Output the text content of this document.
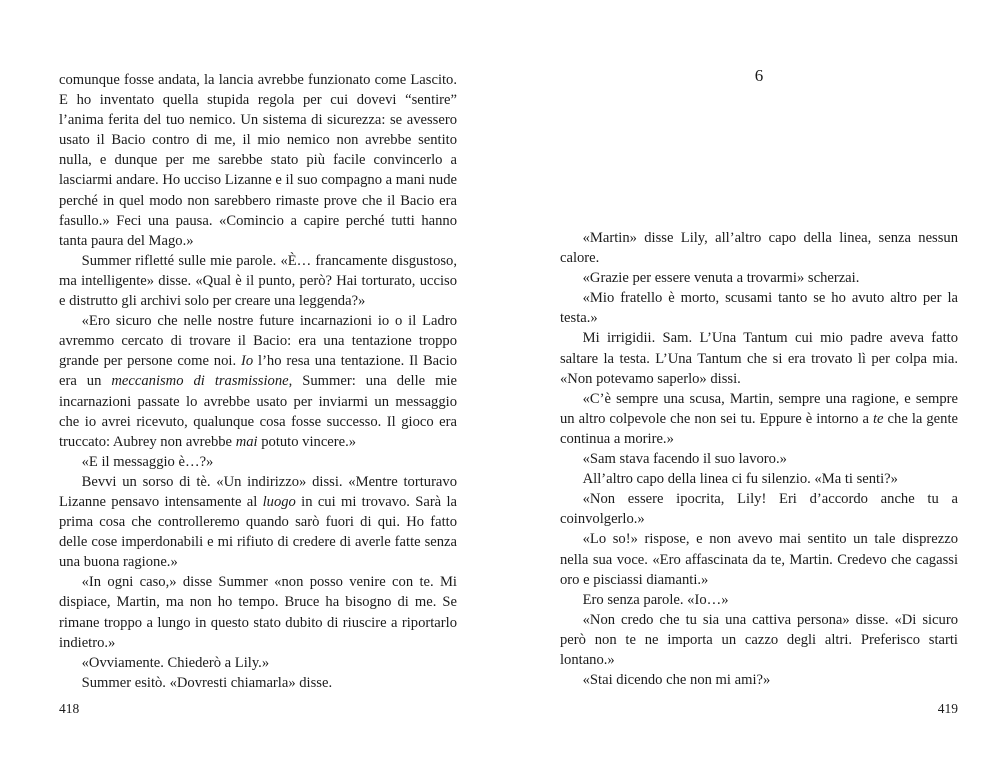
comunque fosse andata, la lancia avrebbe funzionato come Lascito. E ho inventato quella stupida regola per cui dovevi “sentire” l’anima ferita del tuo nemico. Un sistema di sicurezza: se avessero usato il Bacio contro di me, il mio nemico non avrebbe sentito nulla, e dunque per me sarebbe stato più facile convincerlo a lasciarmi andare. Ho ucciso Lizanne e il suo compagno a mani nude perché in quel modo non sarebbero rimaste prove che il Bacio era fasullo.» Feci una pausa. «Comincio a capire perché tutti hanno tanta paura del Mago.»

Summer rifletté sulle mie parole. «È… francamente disgustoso, ma intelligente» disse. «Qual è il punto, però? Hai torturato, ucciso e distrutto gli archivi solo per creare una leggenda?»

«Ero sicuro che nelle nostre future incarnazioni io o il Ladro avremmo cercato di trovare il Bacio: era una tentazione troppo grande per persone come noi. Io l’ho resa una tentazione. Il Bacio era un meccanismo di trasmissione, Summer: una delle mie incarnazioni passate lo avrebbe usato per inviarmi un messaggio che io avrei ricevuto, qualunque cosa fosse successo. Il gioco era truccato: Aubrey non avrebbe mai potuto vincere.»

«E il messaggio è…?»

Bevvi un sorso di tè. «Un indirizzo» dissi. «Mentre torturavo Lizanne pensavo intensamente al luogo in cui mi trovavo. Sarà la prima cosa che controlleremo quando sarò fuori di qui. Ho fatto delle cose imperdonabili e mi rifiuto di credere di averle fatte senza una buona ragione.»

«In ogni caso,» disse Summer «non posso venire con te. Mi dispiace, Martin, ma non ho tempo. Bruce ha bisogno di me. Se rimane troppo a lungo in questo stato dubito di riuscire a riportarlo indietro.»

«Ovviamente. Chiederò a Lily.»

Summer esitò. «Dovresti chiamarla» disse.

418
6

«Martin» disse Lily, all’altro capo della linea, senza nessun calore.

«Grazie per essere venuta a trovarmi» scherzai.

«Mio fratello è morto, scusami tanto se ho avuto altro per la testa.»

Mi irrigidii. Sam. L’Una Tantum cui mio padre aveva fatto saltare la testa. L’Una Tantum che si era trovato lì per colpa mia. «Non potevamo saperlo» dissi.

«C’è sempre una scusa, Martin, sempre una ragione, e sempre un altro colpevole che non sei tu. Eppure è intorno a te che la gente continua a morire.»

«Sam stava facendo il suo lavoro.»

All’altro capo della linea ci fu silenzio. «Ma ti senti?»

«Non essere ipocrita, Lily! Eri d’accordo anche tu a coinvolgerlo.»

«Lo so!» rispose, e non avevo mai sentito un tale disprezzo nella sua voce. «Ero affascinata da te, Martin. Credevo che cagassi oro e pisciassi diamanti.»

Ero senza parole. «Io…»

«Non credo che tu sia una cattiva persona» disse. «Di sicuro però non te ne importa un cazzo degli altri. Preferisco starti lontano.»

«Stai dicendo che non mi ami?»

419
